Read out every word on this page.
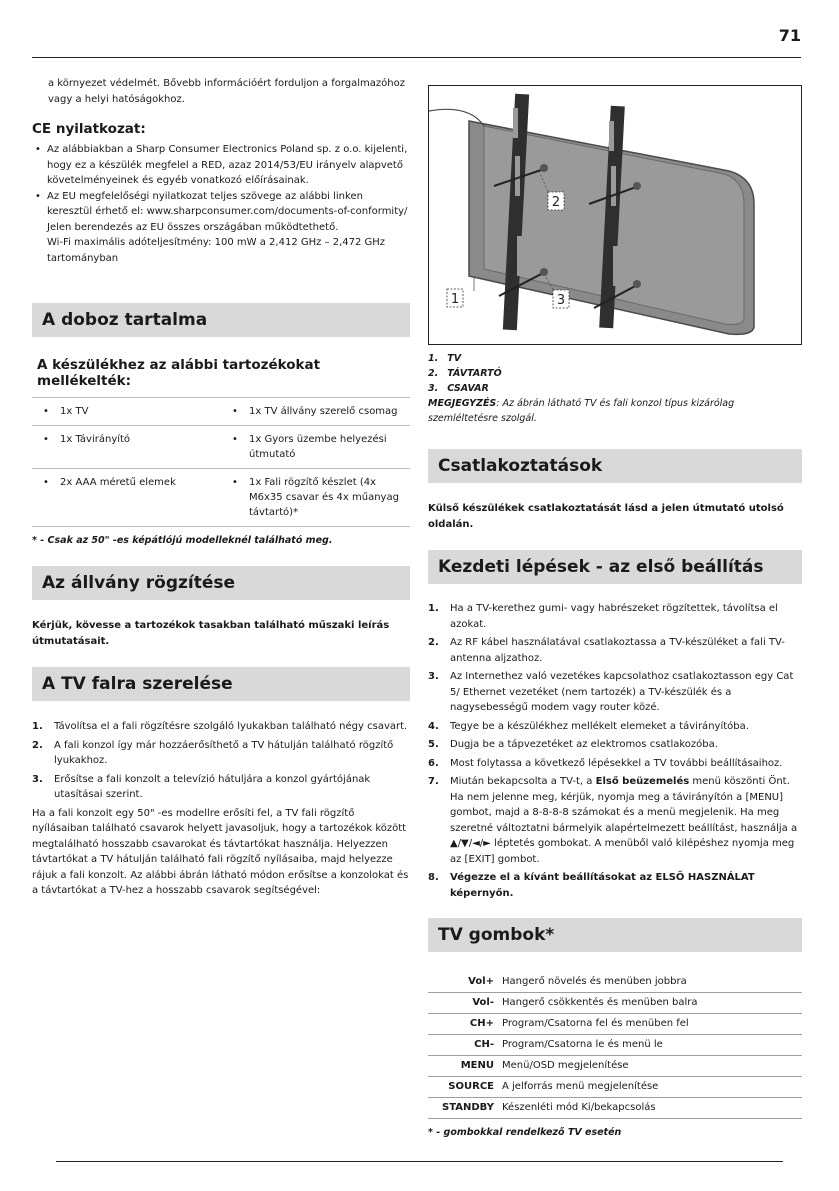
71

a környezet védelmét. Bővebb információért forduljon a forgalmazóhoz vagy a helyi hatóságokhoz.

CE nyilatkozat:
• Az alábbiakban a Sharp Consumer Electronics Poland sp. z o.o. kijelenti, hogy ez a készülék megfelel a RED, azaz 2014/53/EU irányelv alapvető követelményeinek és egyéb vonatkozó előírásainak.
• Az EU megfelelőségi nyilatkozat teljes szövege az alábbi linken keresztül érhető el: www.sharpconsumer.com/documents-of-conformity/
Jelen berendezés az EU összes országában működtethető.
Wi-Fi maximális adóteljesítmény: 100 mW a 2,412 GHz – 2,472 GHz tartományban
A doboz tartalma
A készülékhez az alábbi tartozékokat mellékelték:
• 1x TV	• 1x TV állvány szerelő csomag
• 1x Távirányító	• 1x Gyors üzembe helyezési útmutató
• 2x AAA méretű elemek	• 1x Fali rögzítő készlet (4x M6x35 csavar és 4x műanyag távtartó)*

* - Csak az 50" -es képátlójú modelleknél található meg.

Az állvány rögzítése

Kérjük, kövesse a tartozékok tasakban található műszaki leírás útmutatásait.

A TV falra szerelése
1. Távolítsa el a fali rögzítésre szolgáló lyukakban található négy csavart.
2. A fali konzol így már hozzáerősíthető a TV hátulján található rögzítő lyukakhoz.
3. Erősítse a fali konzolt a televízió hátuljára a konzol gyártójának utasításai szerint.

Ha a fali konzolt egy 50" -es modellre erősíti fel, a TV fali rögzítő nyílásaiban található csavarok helyett javasoljuk, hogy a tartozékok között megtalálható hosszabb csavarokat és távtartókat használja. Helyezzen távtartókat a TV hátulján található fali rögzítő nyílásaiba, majd helyezze rájuk a fali konzolt. Az alábbi ábrán látható módon erősítse a konzolokat és a távtartókat a TV-hez a hosszabb csavarok segítségével:

1
2
3
1. TV
2. TÁVTARTÓ
3. CSAVAR
MEGJEGYZÉS: Az ábrán látható TV és fali konzol típus kizárólag szemléltetésre szolgál.
Csatlakoztatások

Külső készülékek csatlakoztatását lásd a jelen útmutató utolsó oldalán.

Kezdeti lépések - az első beállítás
1. Ha a TV-kerethez gumi- vagy habrészeket rögzítettek, távolítsa el azokat.
2. Az RF kábel használatával csatlakoztassa a TV-készüléket a fali TV-antenna aljzathoz.
3. Az Internethez való vezetékes kapcsolathoz csatlakoztasson egy Cat 5/ Ethernet vezetéket (nem tartozék) a TV-készülék és a nagysebességű modem vagy router közé.
4. Tegye be a készülékhez mellékelt elemeket a távirányítóba.
5. Dugja be a tápvezetéket az elektromos csatlakozóba.
6. Most folytassa a következő lépésekkel a TV további beállításaihoz.
7. Miután bekapcsolta a TV-t, a Első beüzemelés menü köszönti Önt. Ha nem jelenne meg, kérjük, nyomja meg a távirányítón a [MENU] gombot, majd a 8-8-8-8 számokat és a menü megjelenik. Ha meg szeretné változtatni bármelyik alapértelmezett beállítást, használja a ▲/▼/◄/► léptetés gombokat. A menüből való kilépéshez nyomja meg az [EXIT] gombot.
8. Végezze el a kívánt beállításokat az ELSŐ HASZNÁLAT képernyőn.
TV gombok*
Vol+	Hangerő növelés és menüben jobbra
Vol-	Hangerő csökkentés és menüben balra
CH+	Program/Csatorna fel és menüben fel
CH-	Program/Csatorna le és menü le
MENU	Menü/OSD megjelenítése
SOURCE	A jelforrás menü megjelenítése
STANDBY	Készenléti mód Ki/bekapcsolás

* - gombokkal rendelkező TV esetén
